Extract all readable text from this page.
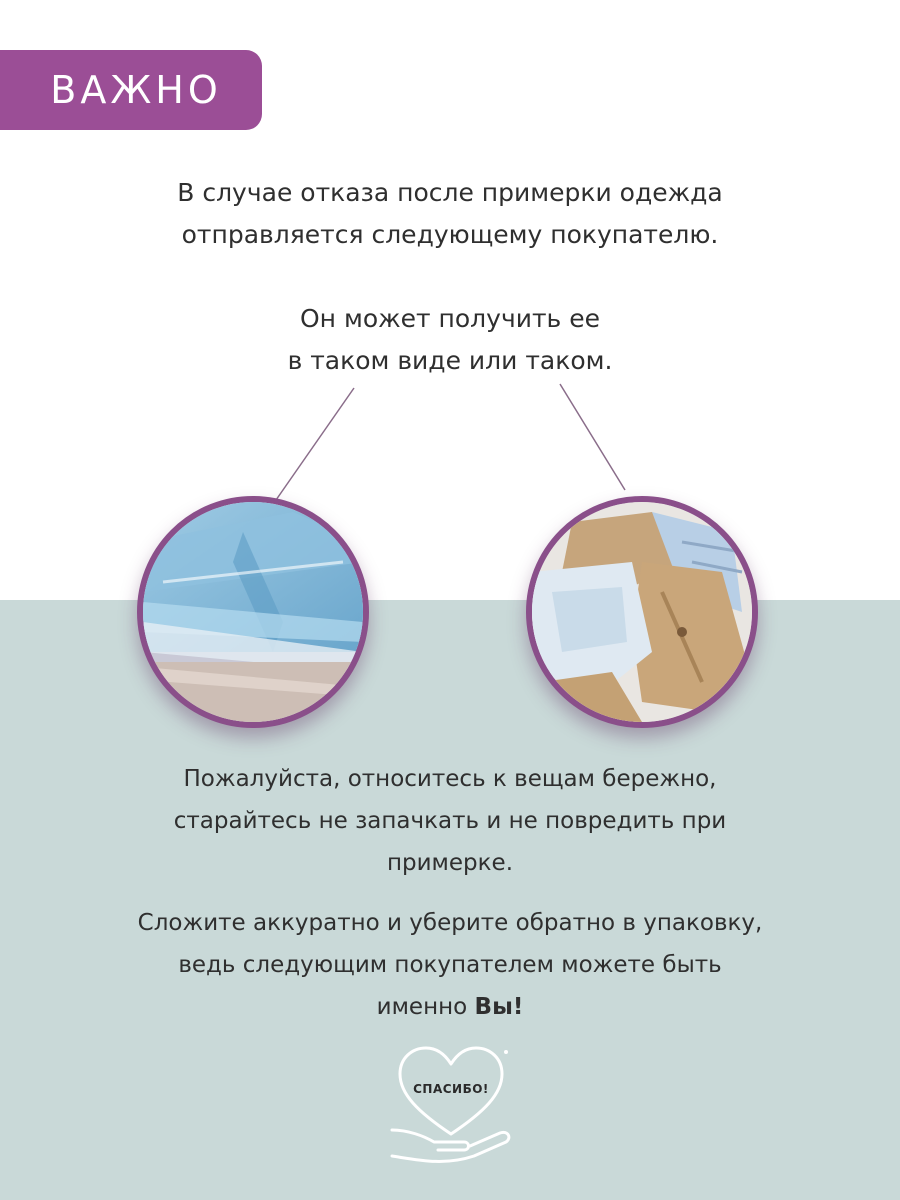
ВАЖНО

В случае отказа после примерки одежда
отправляется следующему покупателю.

Он может получить ее
в таком виде или таком.

Пожалуйста, относитесь к вещам бережно,
старайтесь не запачкать и не повредить при
примерке.

Сложите аккуратно и уберите обратно в упаковку,
ведь следующим покупателем можете быть
именно Вы!

СПАСИБО!
